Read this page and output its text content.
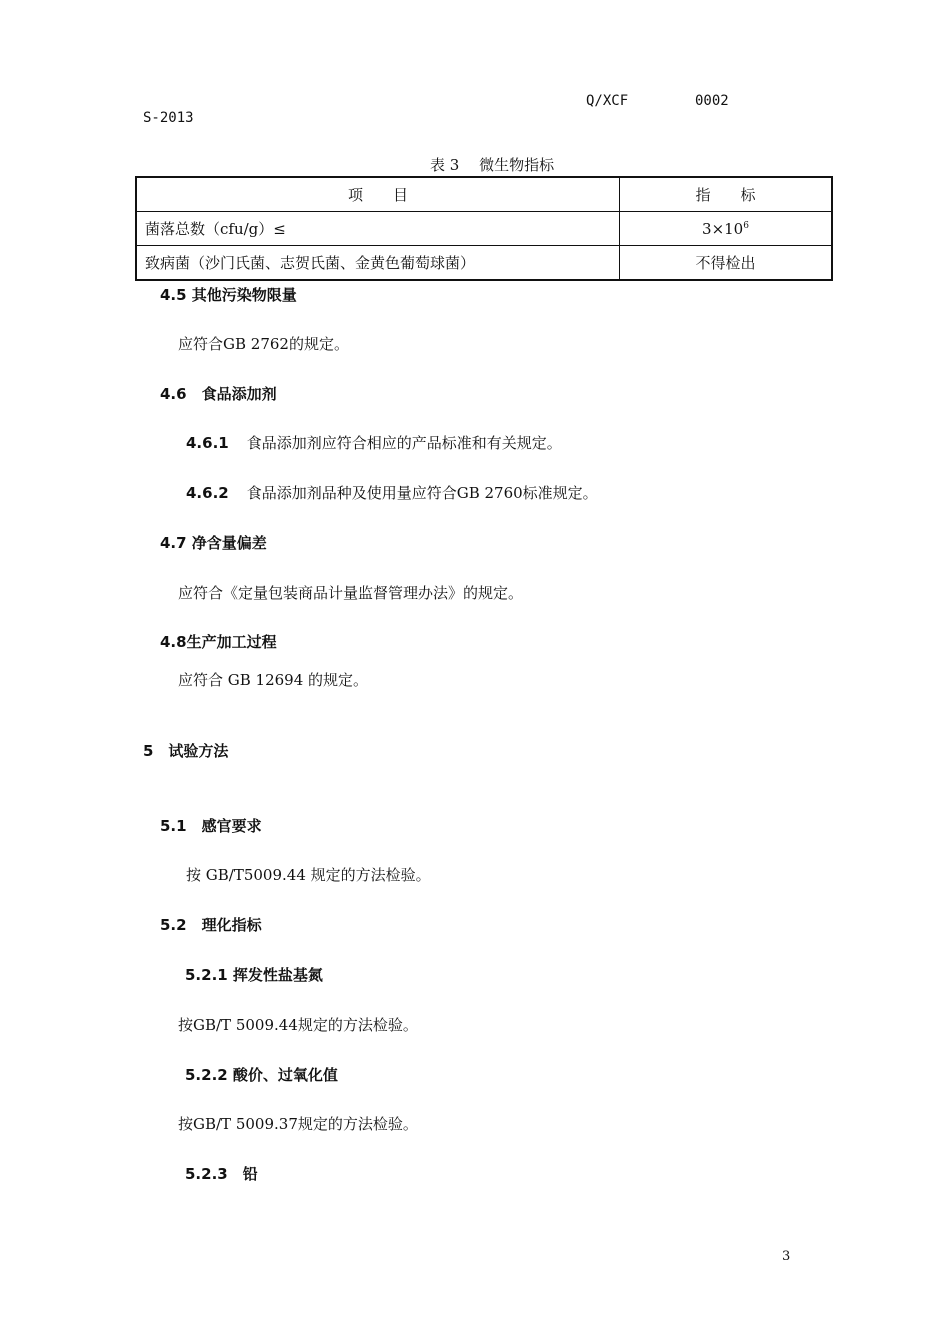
Q/XCF	0002
S-2013
表 3　 微生物指标
项　　目	指　　标
菌落总数（cfu/g）≤	$3\times 10^6$
致病菌（沙门氏菌、志贺氏菌、金黄色葡萄球菌）	不得检出
4.5 其他污染物限量
应符合GB 2762的规定。
4.6　食品添加剂
4.6.1 食品添加剂应符合相应的产品标准和有关规定。
4.6.2 食品添加剂品种及使用量应符合GB 2760标准规定。
4.7 净含量偏差
应符合《定量包装商品计量监督管理办法》的规定。
4.8生产加工过程
应符合 GB 12694 的规定。
5　试验方法
5.1　感官要求
按 GB/T5009.44 规定的方法检验。
5.2　理化指标
5.2.1 挥发性盐基氮
按GB/T 5009.44规定的方法检验。
5.2.2 酸价、过氧化值
按GB/T 5009.37规定的方法检验。
5.2.3　铅
3
